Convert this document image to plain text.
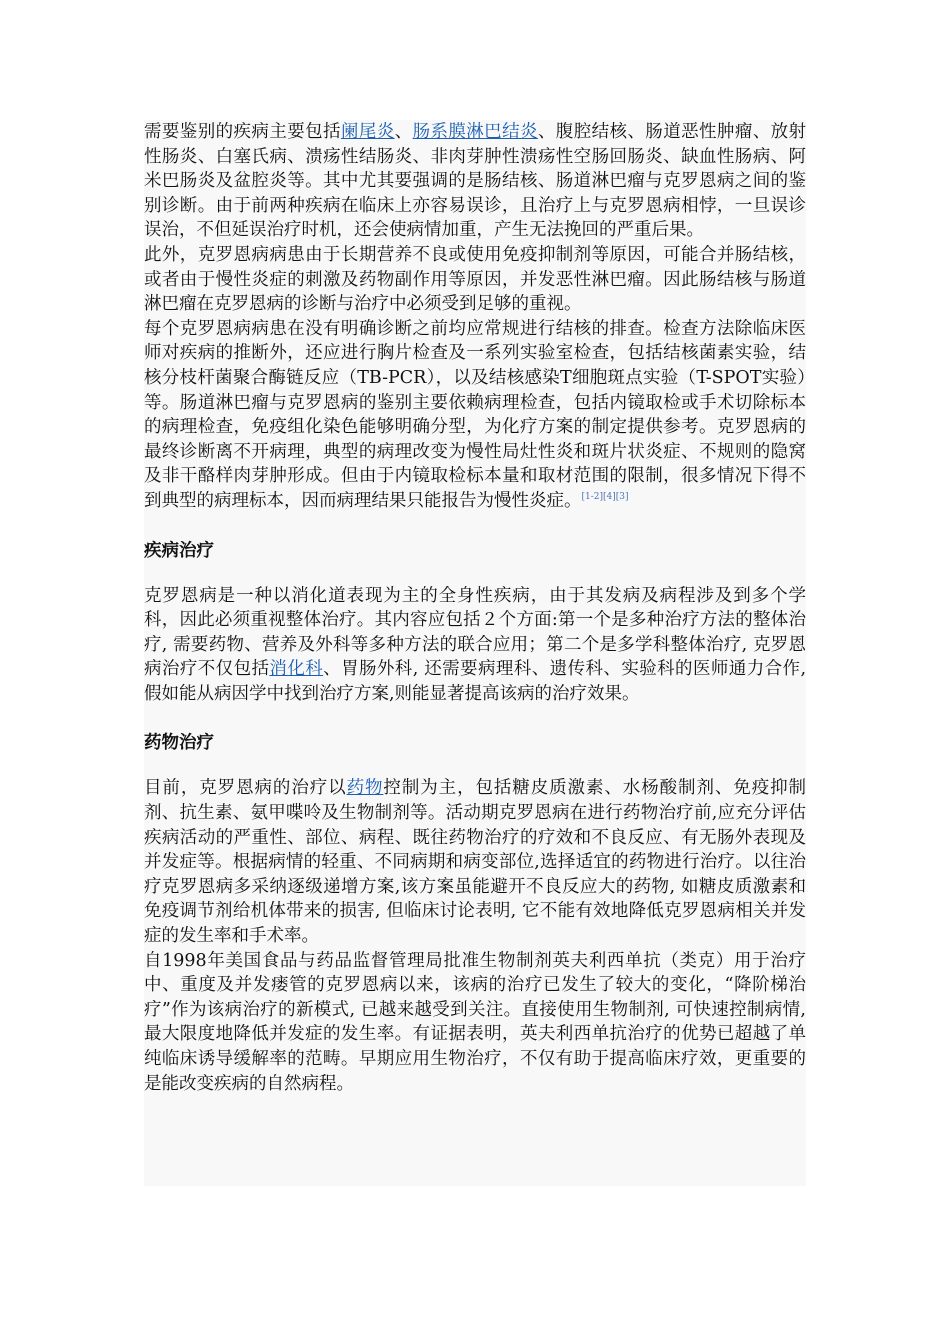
需要鉴别的疾病主要包括阑尾炎、肠系膜淋巴结炎、腹腔结核、肠道恶性肿瘤、放射性肠炎、白塞氏病、溃疡性结肠炎、非肉芽肿性溃疡性空肠回肠炎、缺血性肠病、阿米巴肠炎及盆腔炎等。其中尤其要强调的是肠结核、肠道淋巴瘤与克罗恩病之间的鉴别诊断。由于前两种疾病在临床上亦容易误诊，且治疗上与克罗恩病相悖，一旦误诊误治，不但延误治疗时机，还会使病情加重，产生无法挽回的严重后果。

此外，克罗恩病病患由于长期营养不良或使用免疫抑制剂等原因，可能合并肠结核，或者由于慢性炎症的刺激及药物副作用等原因，并发恶性淋巴瘤。因此肠结核与肠道淋巴瘤在克罗恩病的诊断与治疗中必须受到足够的重视。

每个克罗恩病病患在没有明确诊断之前均应常规进行结核的排查。检查方法除临床医师对疾病的推断外，还应进行胸片检查及一系列实验室检查，包括结核菌素实验，结核分枝杆菌聚合酶链反应（TB-PCR），以及结核感染T细胞斑点实验（T-SPOT实验）等。肠道淋巴瘤与克罗恩病的鉴别主要依赖病理检查，包括内镜取检或手术切除标本的病理检查，免疫组化染色能够明确分型，为化疗方案的制定提供参考。克罗恩病的最终诊断离不开病理，典型的病理改变为慢性局灶性炎和斑片状炎症、不规则的隐窝及非干酪样肉芽肿形成。但由于内镜取检标本量和取材范围的限制，很多情况下得不到典型的病理标本，因而病理结果只能报告为慢性炎症。[1-2][4][3]

疾病治疗

克罗恩病是一种以消化道表现为主的全身性疾病，由于其发病及病程涉及到多个学科，因此必须重视整体治疗。其内容应包括２个方面:第一个是多种治疗方法的整体治疗, 需要药物、营养及外科等多种方法的联合应用；第二个是多学科整体治疗, 克罗恩病治疗不仅包括消化科、胃肠外科, 还需要病理科、遗传科、实验科的医师通力合作, 假如能从病因学中找到治疗方案,则能显著提高该病的治疗效果。

药物治疗

目前，克罗恩病的治疗以药物控制为主，包括糖皮质激素、水杨酸制剂、免疫抑制剂、抗生素、氨甲喋呤及生物制剂等。活动期克罗恩病在进行药物治疗前,应充分评估疾病活动的严重性、部位、病程、既往药物治疗的疗效和不良反应、有无肠外表现及并发症等。根据病情的轻重、不同病期和病变部位,选择适宜的药物进行治疗。以往治疗克罗恩病多采纳逐级递增方案,该方案虽能避开不良反应大的药物, 如糖皮质激素和免疫调节剂给机体带来的损害, 但临床讨论表明, 它不能有效地降低克罗恩病相关并发症的发生率和手术率。

自1998年美国食品与药品监督管理局批准生物制剂英夫利西单抗（类克）用于治疗中、重度及并发瘘管的克罗恩病以来，该病的治疗已发生了较大的变化，“降阶梯治疗”作为该病治疗的新模式, 已越来越受到关注。直接使用生物制剂, 可快速控制病情, 最大限度地降低并发症的发生率。有证据表明，英夫利西单抗治疗的优势已超越了单纯临床诱导缓解率的范畴。早期应用生物治疗，不仅有助于提高临床疗效，更重要的是能改变疾病的自然病程。
